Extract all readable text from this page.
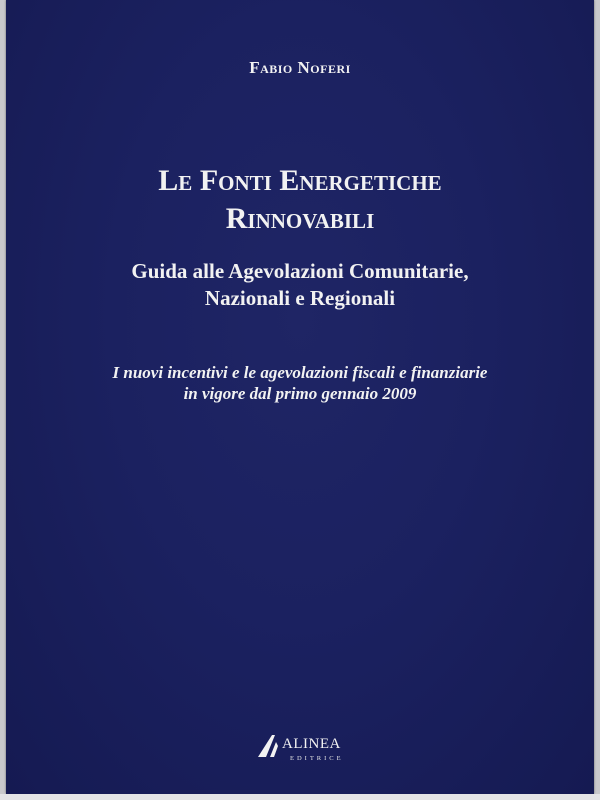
Fabio Noferi
Le Fonti Energetiche
Rinnovabili
Guida alle Agevolazioni Comunitarie,
Nazionali e Regionali
I nuovi incentivi e le agevolazioni fiscali e finanziarie
in vigore dal primo gennaio 2009
ALINEA
EDITRICE
